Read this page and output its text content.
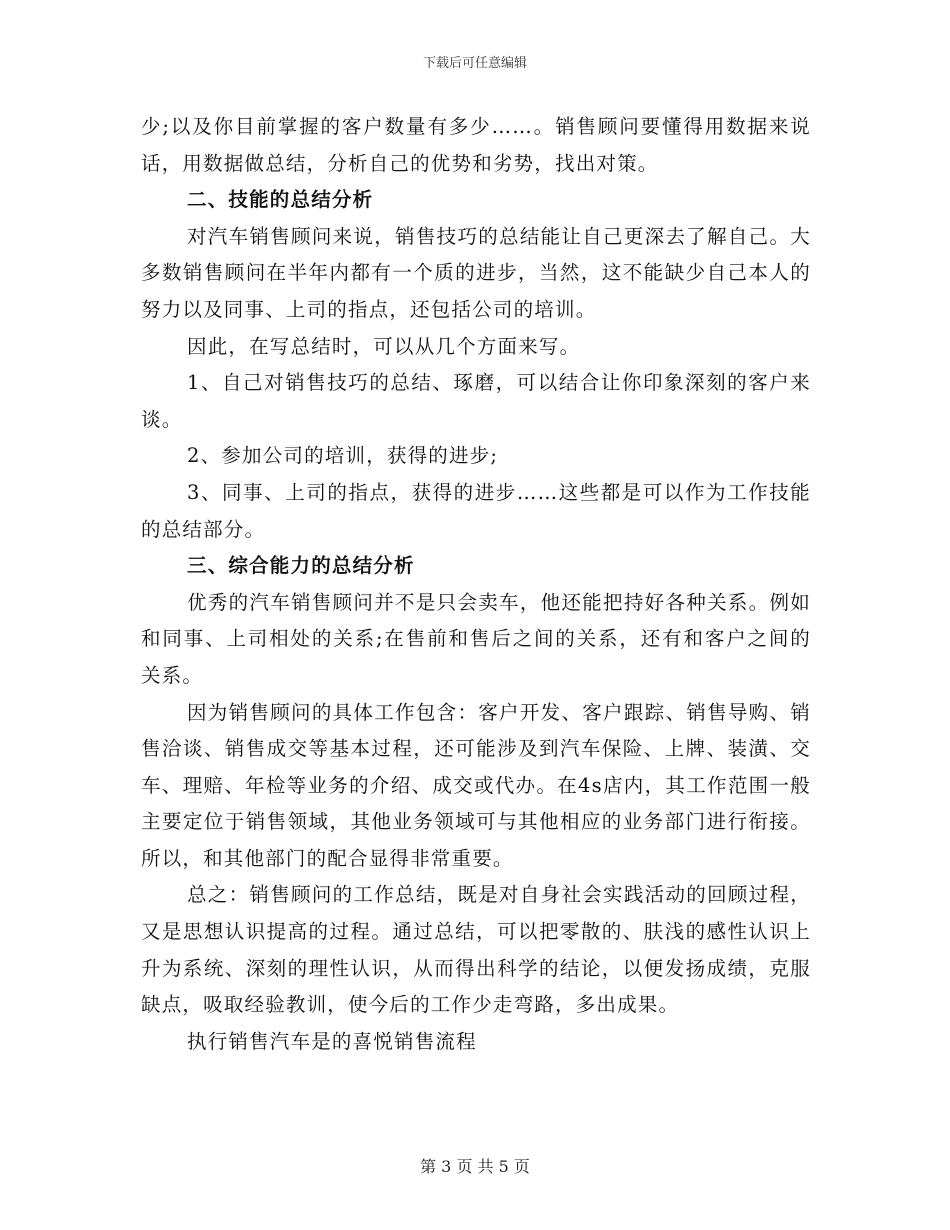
下载后可任意编辑

少;以及你目前掌握的客户数量有多少……。销售顾问要懂得用数据来说话，用数据做总结，分析自己的优势和劣势，找出对策。

二、技能的总结分析

对汽车销售顾问来说，销售技巧的总结能让自己更深去了解自己。大多数销售顾问在半年内都有一个质的进步，当然，这不能缺少自己本人的努力以及同事、上司的指点，还包括公司的培训。

因此，在写总结时，可以从几个方面来写。

1、自己对销售技巧的总结、琢磨，可以结合让你印象深刻的客户来谈。

2、参加公司的培训，获得的进步;

3、同事、上司的指点，获得的进步……这些都是可以作为工作技能的总结部分。

三、综合能力的总结分析

优秀的汽车销售顾问并不是只会卖车，他还能把持好各种关系。例如和同事、上司相处的关系;在售前和售后之间的关系，还有和客户之间的关系。

因为销售顾问的具体工作包含：客户开发、客户跟踪、销售导购、销售洽谈、销售成交等基本过程，还可能涉及到汽车保险、上牌、装潢、交车、理赔、年检等业务的介绍、成交或代办。在4s店内，其工作范围一般主要定位于销售领域，其他业务领域可与其他相应的业务部门进行衔接。所以，和其他部门的配合显得非常重要。

总之：销售顾问的工作总结，既是对自身社会实践活动的回顾过程，又是思想认识提高的过程。通过总结，可以把零散的、肤浅的感性认识上升为系统、深刻的理性认识，从而得出科学的结论，以便发扬成绩，克服缺点，吸取经验教训，使今后的工作少走弯路，多出成果。

执行销售汽车是的喜悦销售流程

第 3 页 共 5 页
